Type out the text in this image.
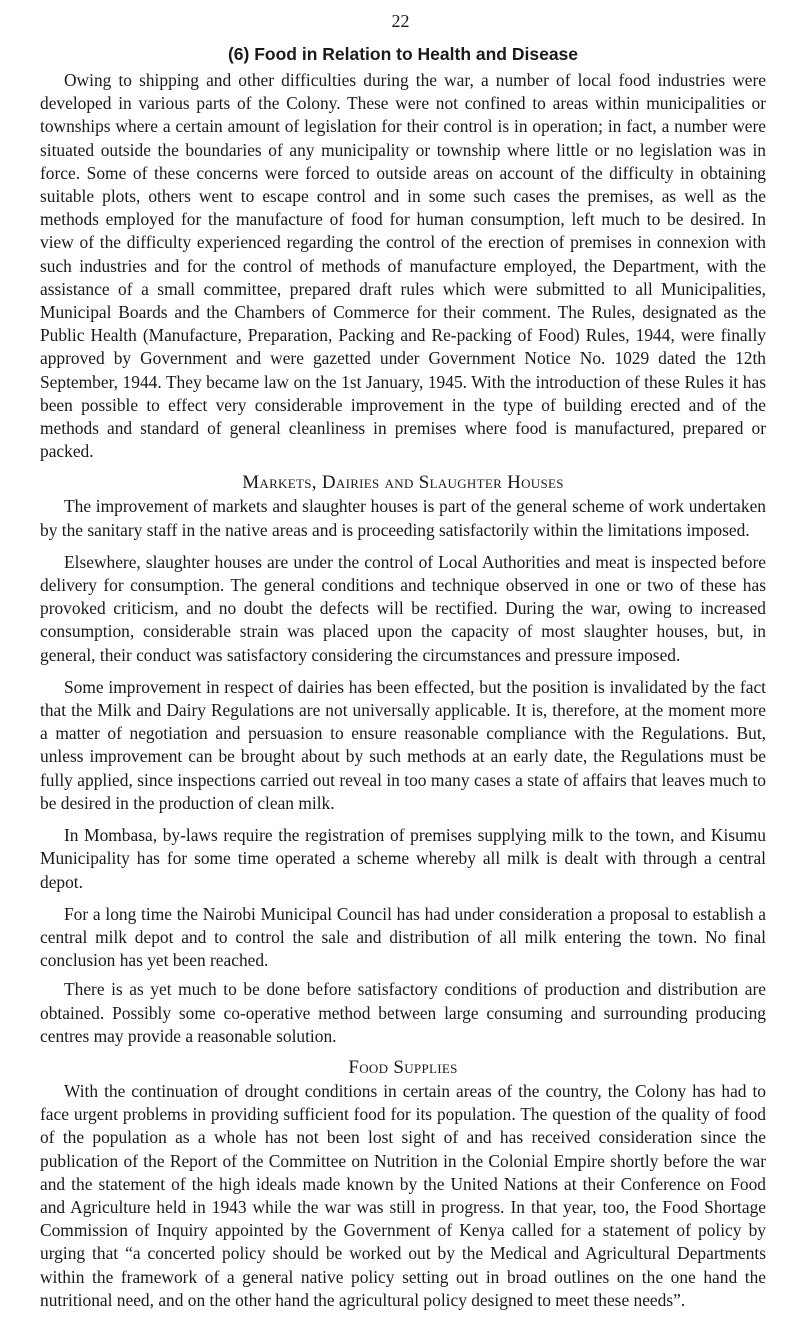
22
(6) Food in Relation to Health and Disease

Owing to shipping and other difficulties during the war, a number of local food industries were developed in various parts of the Colony. These were not confined to areas within municipalities or townships where a certain amount of legislation for their control is in operation; in fact, a number were situated outside the boundaries of any municipality or township where little or no legislation was in force. Some of these concerns were forced to outside areas on account of the difficulty in obtaining suitable plots, others went to escape control and in some such cases the premises, as well as the methods employed for the manufacture of food for human consumption, left much to be desired. In view of the difficulty experienced regarding the control of the erection of premises in connexion with such industries and for the control of methods of manufacture employed, the Department, with the assistance of a small committee, prepared draft rules which were submitted to all Municipalities, Municipal Boards and the Chambers of Commerce for their comment. The Rules, designated as the Public Health (Manufacture, Preparation, Packing and Re-packing of Food) Rules, 1944, were finally approved by Government and were gazetted under Government Notice No. 1029 dated the 12th September, 1944. They became law on the 1st January, 1945. With the introduction of these Rules it has been possible to effect very considerable improvement in the type of building erected and of the methods and standard of general cleanliness in premises where food is manufactured, prepared or packed.

Markets, Dairies and Slaughter Houses

The improvement of markets and slaughter houses is part of the general scheme of work undertaken by the sanitary staff in the native areas and is proceeding satisfactorily within the limitations imposed.

Elsewhere, slaughter houses are under the control of Local Authorities and meat is inspected before delivery for consumption. The general conditions and technique observed in one or two of these has provoked criticism, and no doubt the defects will be rectified. During the war, owing to increased consumption, considerable strain was placed upon the capacity of most slaughter houses, but, in general, their conduct was satisfactory considering the circumstances and pressure imposed.

Some improvement in respect of dairies has been effected, but the position is invalidated by the fact that the Milk and Dairy Regulations are not universally applicable. It is, therefore, at the moment more a matter of negotiation and persuasion to ensure reasonable compliance with the Regulations. But, unless improvement can be brought about by such methods at an early date, the Regulations must be fully applied, since inspections carried out reveal in too many cases a state of affairs that leaves much to be desired in the production of clean milk.

In Mombasa, by-laws require the registration of premises supplying milk to the town, and Kisumu Municipality has for some time operated a scheme whereby all milk is dealt with through a central depot.

For a long time the Nairobi Municipal Council has had under consideration a proposal to establish a central milk depot and to control the sale and distribution of all milk entering the town. No final conclusion has yet been reached.

There is as yet much to be done before satisfactory conditions of production and distribution are obtained. Possibly some co-operative method between large consuming and surrounding producing centres may provide a reasonable solution.

Food Supplies

With the continuation of drought conditions in certain areas of the country, the Colony has had to face urgent problems in providing sufficient food for its population. The question of the quality of food of the population as a whole has not been lost sight of and has received consideration since the publication of the Report of the Committee on Nutrition in the Colonial Empire shortly before the war and the statement of the high ideals made known by the United Nations at their Conference on Food and Agriculture held in 1943 while the war was still in progress. In that year, too, the Food Shortage Commission of Inquiry appointed by the Government of Kenya called for a statement of policy by urging that “a concerted policy should be worked out by the Medical and Agricultural Departments within the framework of a general native policy setting out in broad outlines on the one hand the nutritional need, and on the other hand the agricultural policy designed to meet these needs”.
